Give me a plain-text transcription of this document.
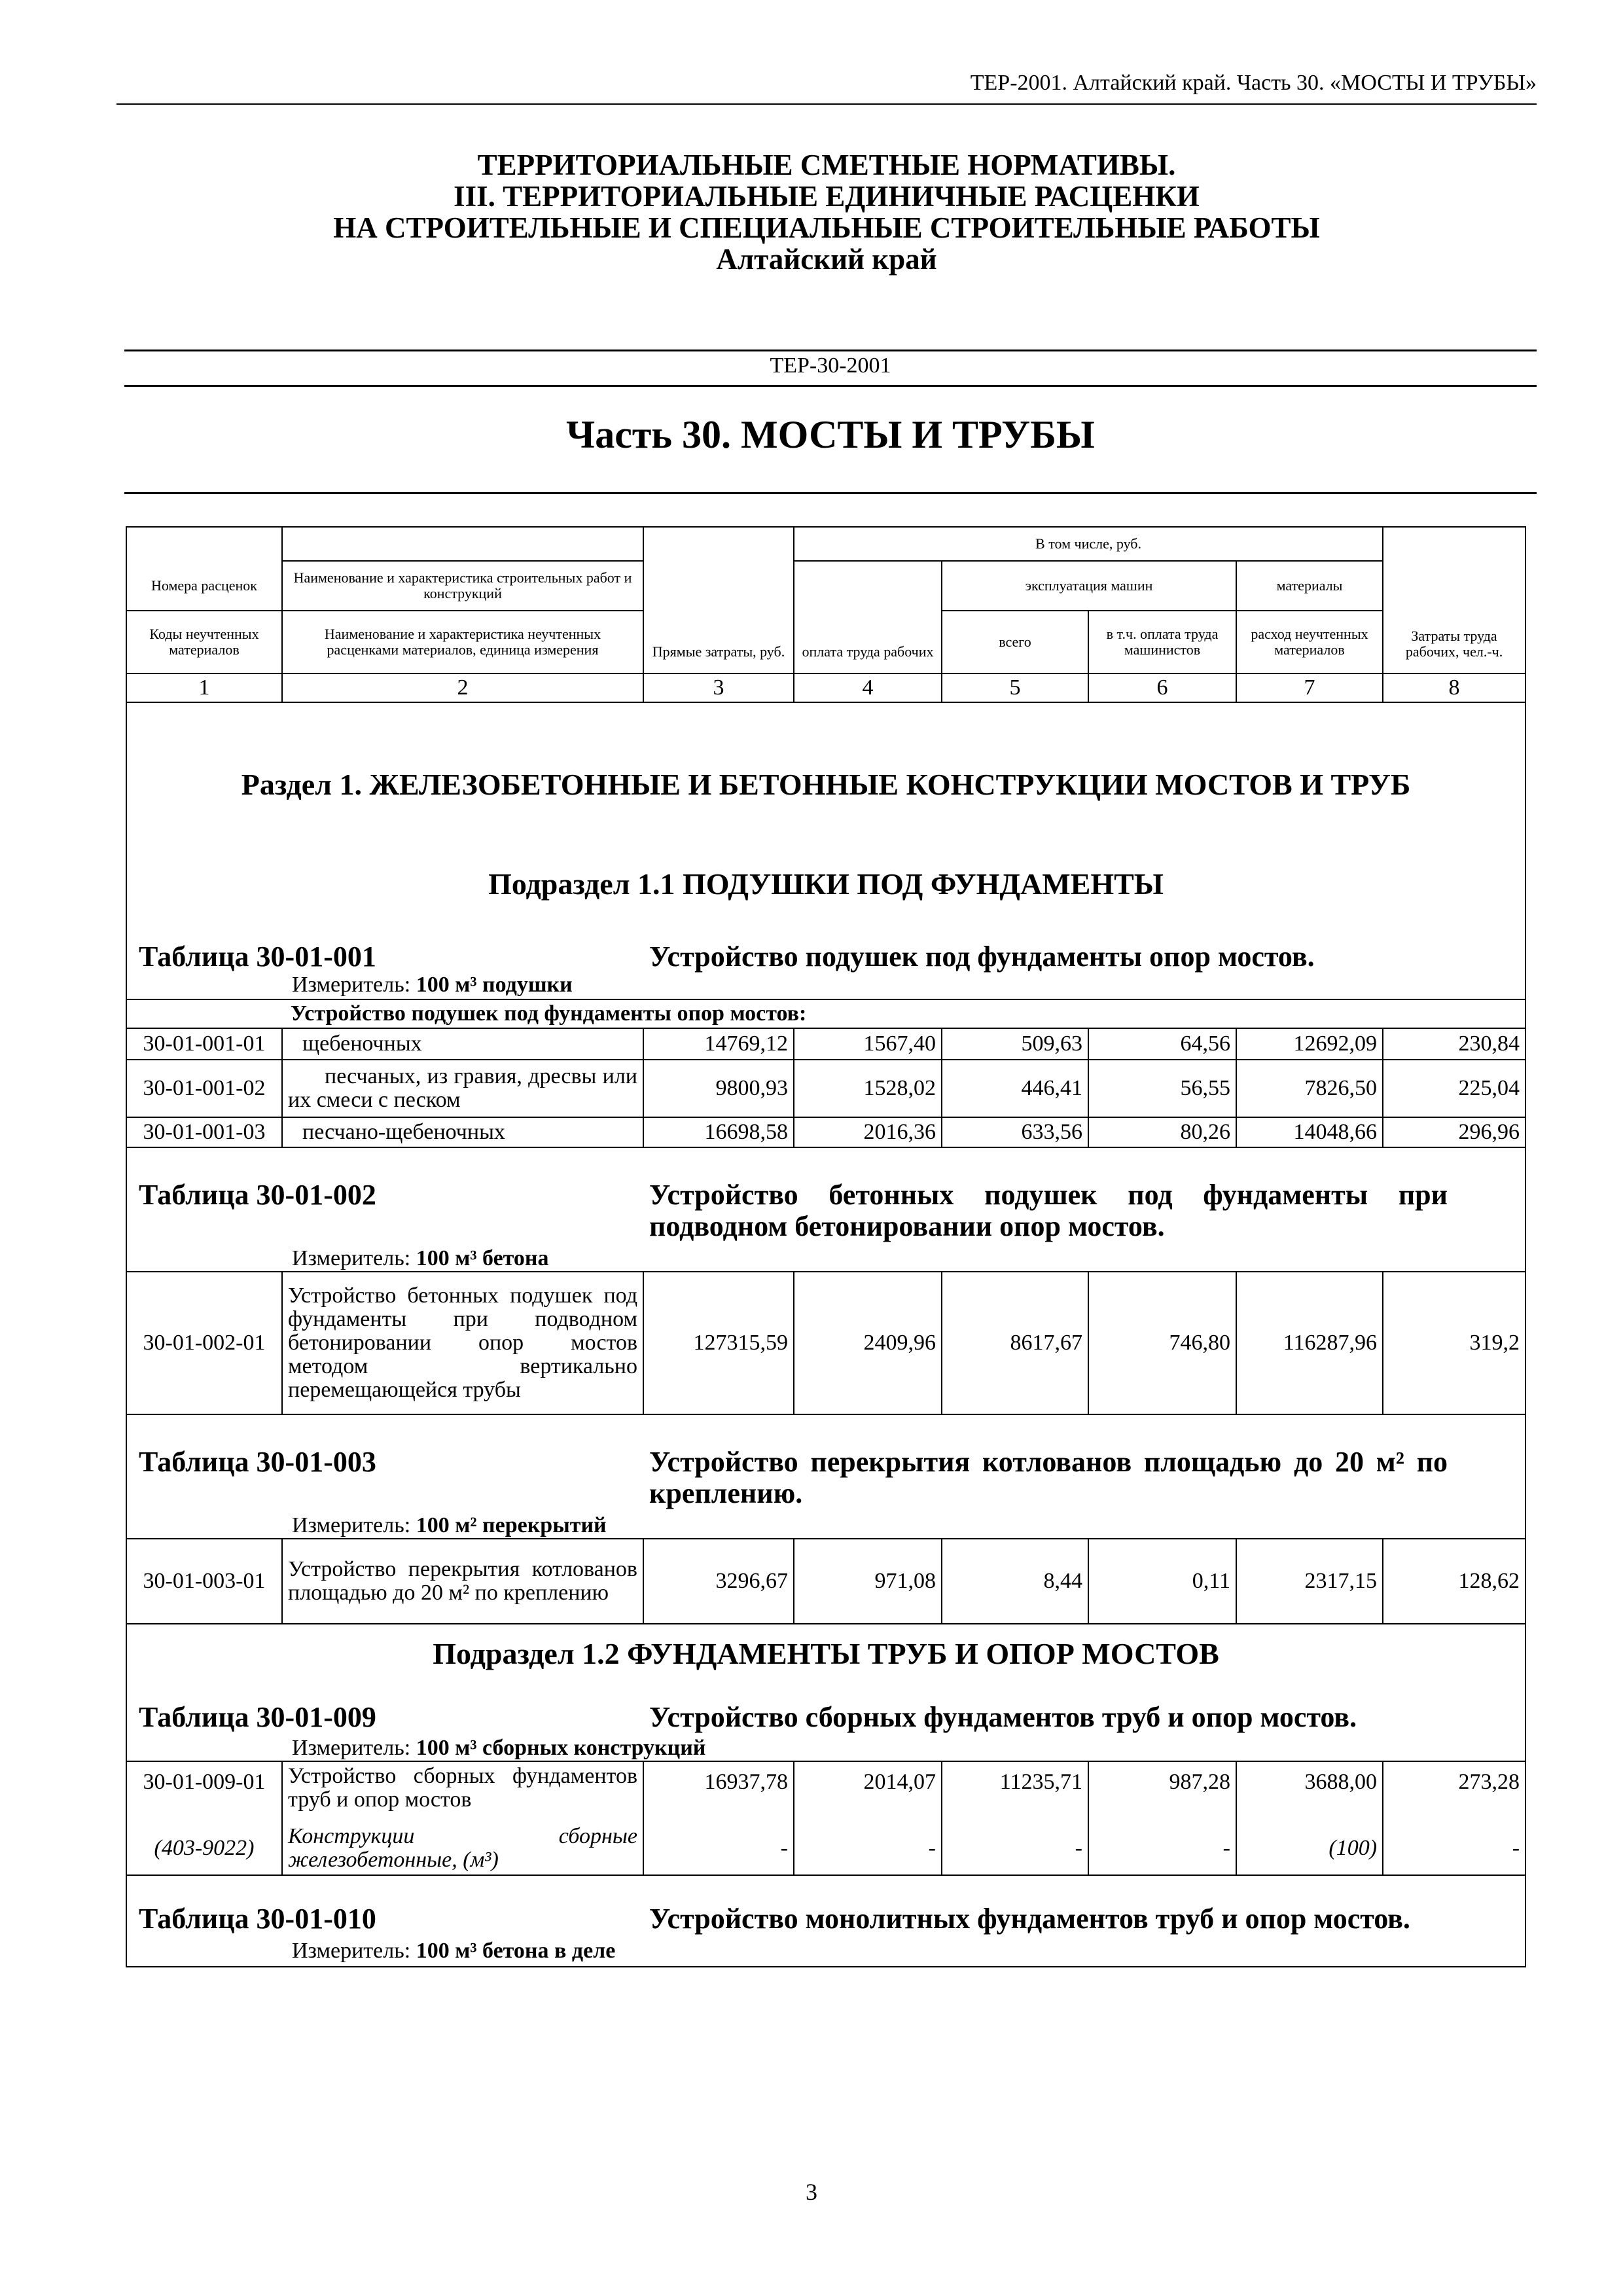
ТЕР-2001. Алтайский край. Часть 30. «МОСТЫ И ТРУБЫ»
ТЕРРИТОРИАЛЬНЫЕ СМЕТНЫЕ НОРМАТИВЫ.
III. ТЕРРИТОРИАЛЬНЫЕ ЕДИНИЧНЫЕ РАСЦЕНКИ
НА СТРОИТЕЛЬНЫЕ И СПЕЦИАЛЬНЫЕ СТРОИТЕЛЬНЫЕ РАБОТЫ
Алтайский край
ТЕР-30-2001
Часть 30. МОСТЫ И ТРУБЫ
		Прямые затраты, руб.	В том числе, руб.				Затраты труда рабочих, чел.-ч.
Номера расценок	Наименование и характеристика строительных работ и конструкций		оплата труда рабочих	эксплуатация машин		материалы	
Коды неучтенных материалов	Наименование и характеристика неучтенных расценками материалов, единица измерения			всего	в т.ч. оплата труда машинистов	расход неучтенных материалов	
1	2	3	4	5	6	7	8

Раздел 1. ЖЕЛЕЗОБЕТОННЫЕ И БЕТОННЫЕ КОНСТРУКЦИИ МОСТОВ И ТРУБ
Подраздел 1.1 ПОДУШКИ ПОД ФУНДАМЕНТЫ
Таблица 30-01-001 Устройство подушек под фундаменты опор мостов.
Измеритель: 100 м³ подушки							

Устройство подушек под фундаменты опор мостов:							
30-01-001-01	щебеночных	14769,12	1567,40	509,63	64,56	12692,09	230,84
30-01-001-02	песчаных, из гравия, дресвы или их смеси с песком	9800,93	1528,02	446,41	56,55	7826,50	225,04
30-01-001-03	песчано-щебеночных	16698,58	2016,36	633,56	80,26	14048,66	296,96

Таблица 30-01-002 Устройство бетонных подушек под фундаменты при подводном бетонировании опор мостов.
Измеритель: 100 м³ бетона							

30-01-002-01	Устройство бетонных подушек под фундаменты при подводном бетонировании опор мостов методом вертикально перемещающейся трубы	127315,59	2409,96	8617,67	746,80	116287,96	319,2

Таблица 30-01-003 Устройство перекрытия котлованов площадью до 20 м² по креплению.
Измеритель: 100 м² перекрытий							

30-01-003-01	Устройство перекрытия котлованов площадью до 20 м² по креплению	3296,67	971,08	8,44	0,11	2317,15	128,62

Подраздел 1.2 ФУНДАМЕНТЫ ТРУБ И ОПОР МОСТОВ
Таблица 30-01-009 Устройство сборных фундаментов труб и опор мостов.
Измеритель: 100 м³ сборных конструкций							

30-01-009-01	Устройство сборных фундаментов труб и опор мостов	16937,78	2014,07	11235,71	987,28	3688,00	273,28
(403-9022)	Конструкции сборные железобетонные, (м³)	-	-	-	-	(100)	-

Таблица 30-01-010 Устройство монолитных фундаментов труб и опор мостов.
Измеритель: 100 м³ бетона в деле							
3
